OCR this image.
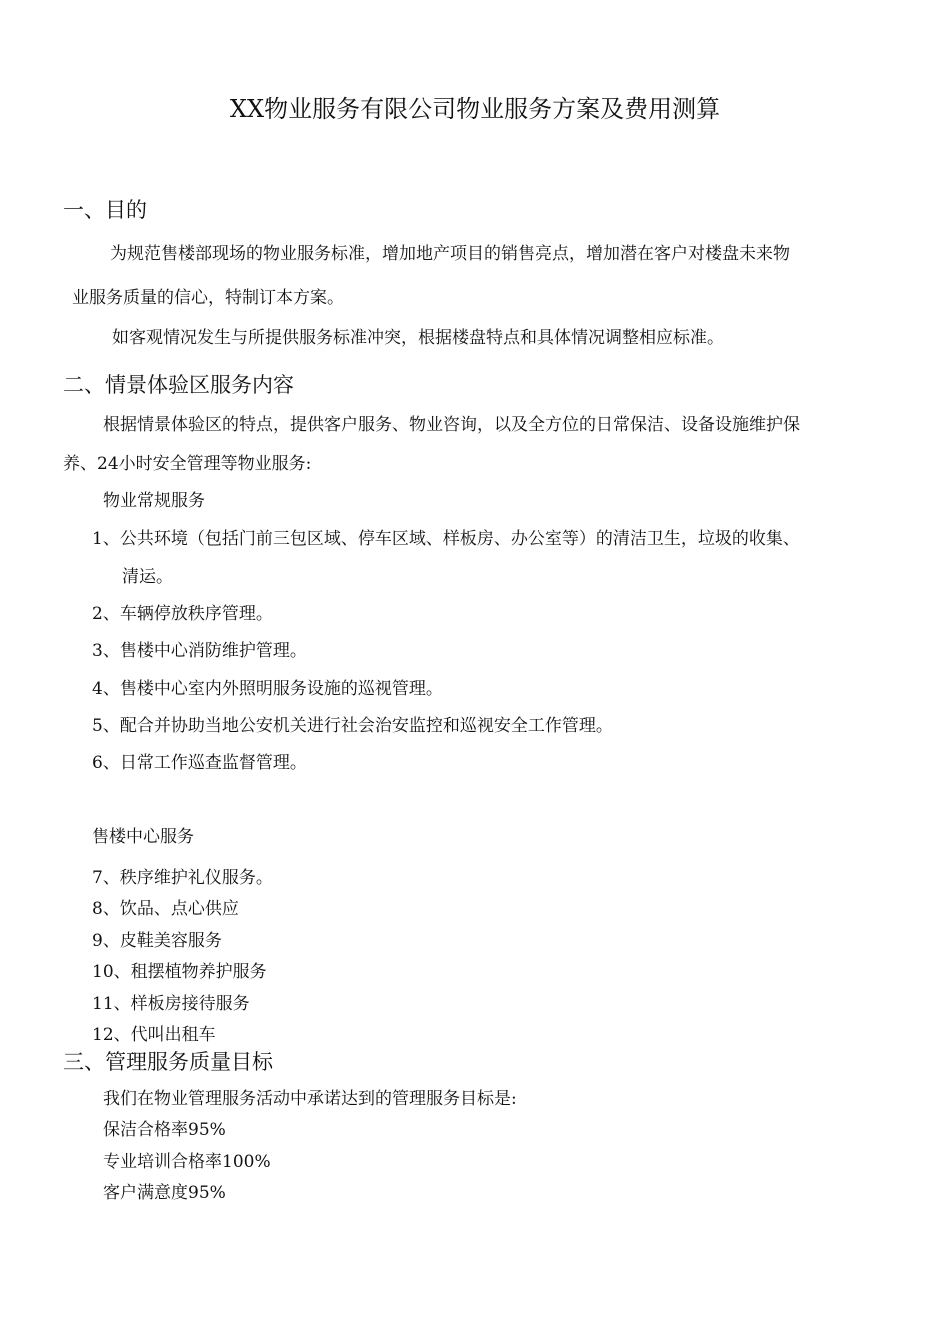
XX物业服务有限公司物业服务方案及费用测算
一、目的
为规范售楼部现场的物业服务标准，增加地产项目的销售亮点，增加潜在客户对楼盘未来物
业服务质量的信心，特制订本方案。
如客观情况发生与所提供服务标准冲突，根据楼盘特点和具体情况调整相应标准。
二、情景体验区服务内容
根据情景体验区的特点，提供客户服务、物业咨询，以及全方位的日常保洁、设备设施维护保
养、24小时安全管理等物业服务:
物业常规服务
1、公共环境（包括门前三包区域、停车区域、样板房、办公室等）的清洁卫生，垃圾的收集、
清运。
2、车辆停放秩序管理。
3、售楼中心消防维护管理。
4、售楼中心室内外照明服务设施的巡视管理。
5、配合并协助当地公安机关进行社会治安监控和巡视安全工作管理。
6、日常工作巡查监督管理。
售楼中心服务
7、秩序维护礼仪服务。
8、饮品、点心供应
9、皮鞋美容服务
10、租摆植物养护服务
11、样板房接待服务
12、代叫出租车
三、管理服务质量目标
我们在物业管理服务活动中承诺达到的管理服务目标是:
保洁合格率95%
专业培训合格率100%
客户满意度95%
